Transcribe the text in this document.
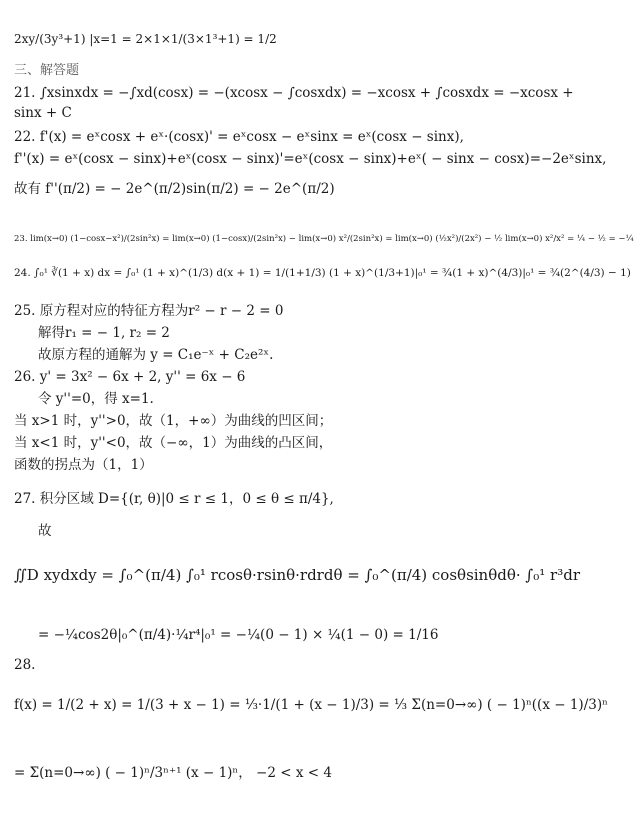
2xy/(3y³+1) |x=1 = 2×1×1/(3×1³+1) = 1/2
三、解答题
21. ∫xsinxdx = −∫xd(cosx) = −(xcosx − ∫cosxdx) = −xcosx + ∫cosxdx = −xcosx +
sinx + C
22. f'(x) = eˣcosx + eˣ·(cosx)' = eˣcosx − eˣsinx = eˣ(cosx − sinx),
f''(x) = eˣ(cosx − sinx)+eˣ(cosx − sinx)'=eˣ(cosx − sinx)+eˣ( − sinx − cosx)=−2eˣsinx,
故有 f''(π/2) = − 2e^(π/2)sin(π/2) = − 2e^(π/2)
23. lim(x→0) (1−cosx−x²)/(2sin²x) = lim(x→0) (1−cosx)/(2sin²x) − lim(x→0) x²/(2sin²x) = lim(x→0) (½x²)/(2x²) − ½ lim(x→0) x²/x² = ¼ − ½ = −¼
24. ∫₀¹ ∛(1 + x) dx = ∫₀¹ (1 + x)^(1/3) d(x + 1) = 1/(1+1/3) (1 + x)^(1/3+1)|₀¹ = ¾(1 + x)^(4/3)|₀¹ = ¾(2^(4/3) − 1)
25. 原方程对应的特征方程为r² − r − 2 = 0
解得r₁ = − 1, r₂ = 2
故原方程的通解为 y = C₁e⁻ˣ + C₂e²ˣ.
26. y' = 3x² − 6x + 2, y'' = 6x − 6
令 y''=0，得 x=1.
当 x>1 时，y''>0，故（1，+∞）为曲线的凹区间；
当 x<1 时，y''<0，故（−∞，1）为曲线的凸区间，
函数的拐点为（1，1）
27. 积分区域 D={(r, θ)|0 ≤ r ≤ 1，0 ≤ θ ≤ π/4},
故
∬D xydxdy = ∫₀^(π/4) ∫₀¹ rcosθ·rsinθ·rdrdθ = ∫₀^(π/4) cosθsinθdθ· ∫₀¹ r³dr
= −¼cos2θ|₀^(π/4)·¼r⁴|₀¹ = −¼(0 − 1) × ¼(1 − 0) = 1/16
28.
f(x) = 1/(2 + x) = 1/(3 + x − 1) = ⅓·1/(1 + (x − 1)/3) = ⅓ Σ(n=0→∞) ( − 1)ⁿ((x − 1)/3)ⁿ
= Σ(n=0→∞) ( − 1)ⁿ/3ⁿ⁺¹ (x − 1)ⁿ， −2 < x < 4
